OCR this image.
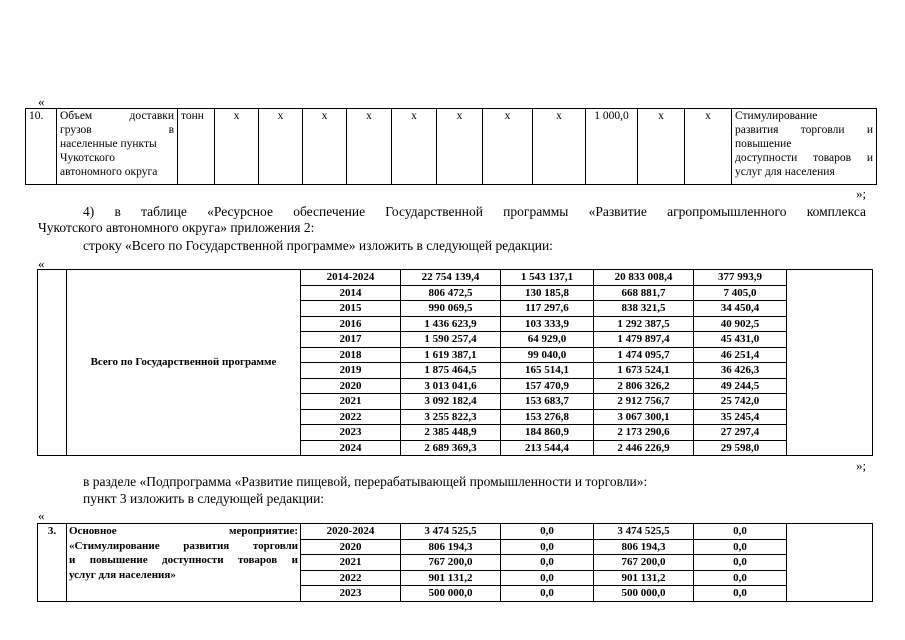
«
10.	Объем доставки
грузов в
населенные пункты
Чукотского
автономного округа
	тонн	х	х	х	х	х	х	х	х	1 000,0	х	х	Стимулирование
развития торговли и
повышение
доступности товаров и
услуг для населения
»;
4) в таблице «Ресурсное обеспечение Государственной программы «Развитие агропромышленного комплекса
Чукотского автономного округа» приложения 2:
строку «Всего по Государственной программе» изложить в следующей редакции:
«
	Всего по Государственной программе	2014-2024	22 754 139,4	1 543 137,1	20 833 008,4	377 993,9	
		2014	806 472,5	130 185,8	668 881,7	7 405,0	
		2015	990 069,5	117 297,6	838 321,5	34 450,4	
		2016	1 436 623,9	103 333,9	1 292 387,5	40 902,5	
		2017	1 590 257,4	64 929,0	1 479 897,4	45 431,0	
		2018	1 619 387,1	99 040,0	1 474 095,7	46 251,4	
		2019	1 875 464,5	165 514,1	1 673 524,1	36 426,3	
		2020	3 013 041,6	157 470,9	2 806 326,2	49 244,5	
		2021	3 092 182,4	153 683,7	2 912 756,7	25 742,0	
		2022	3 255 822,3	153 276,8	3 067 300,1	35 245,4	
		2023	2 385 448,9	184 860,9	2 173 290,6	27 297,4	
		2024	2 689 369,3	213 544,4	2 446 226,9	29 598,0	
»;
в разделе «Подпрограмма «Развитие пищевой, перерабатывающей промышленности и торговли»:
пункт 3 изложить в следующей редакции:
«
3.	Основное мероприятие:
«Стимулирование развития торговли
и повышение доступности товаров и
услуг для населения»	2020-2024	3 474 525,5	0,0	3 474 525,5	0,0	
		2020	806 194,3	0,0	806 194,3	0,0	
		2021	767 200,0	0,0	767 200,0	0,0	
		2022	901 131,2	0,0	901 131,2	0,0	
		2023	500 000,0	0,0	500 000,0	0,0	
